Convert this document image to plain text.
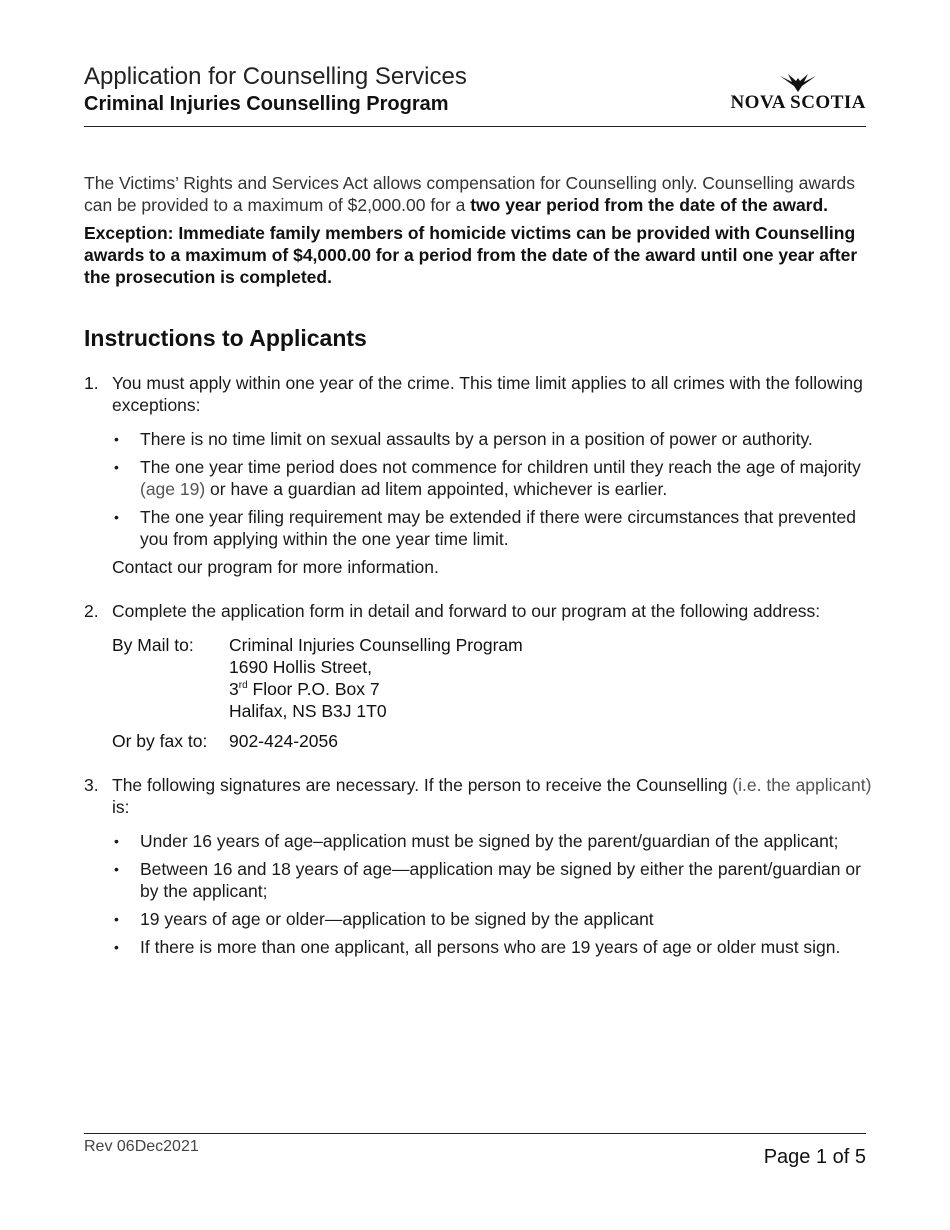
Application for Counselling Services
Criminal Injuries Counselling Program	NOVA SCOTIA

The Victims’ Rights and Services Act allows compensation for Counselling only. Counselling awards can be provided to a maximum of $2,000.00 for a two year period from the date of the award.

Exception: Immediate family members of homicide victims can be provided with Counselling awards to a maximum of $4,000.00 for a period from the date of the award until one year after the prosecution is completed.

Instructions to Applicants
1. You must apply within one year of the crime. This time limit applies to all crimes with the following exceptions:

• There is no time limit on sexual assaults by a person in a position of power or authority.
• The one year time period does not commence for children until they reach the age of majority (age 19) or have a guardian ad litem appointed, whichever is earlier.
• The one year filing requirement may be extended if there were circumstances that prevented you from applying within the one year time limit.

Contact our program for more information.

2. Complete the application form in detail and forward to our program at the following address:

By Mail to:	Criminal Injuries Counselling Program
1690 Hollis Street,
3rd Floor P.O. Box 7
Halifax, NS B3J 1T0
Or by fax to:	902-424-2056
3. The following signatures are necessary. If the person to receive the Counselling (i.e. the applicant) is:

• Under 16 years of age–application must be signed by the parent/guardian of the applicant;
• Between 16 and 18 years of age—application may be signed by either the parent/guardian or by the applicant;
• 19 years of age or older—application to be signed by the applicant
• If there is more than one applicant, all persons who are 19 years of age or older must sign.
Rev 06Dec2021	Page 1 of 5
